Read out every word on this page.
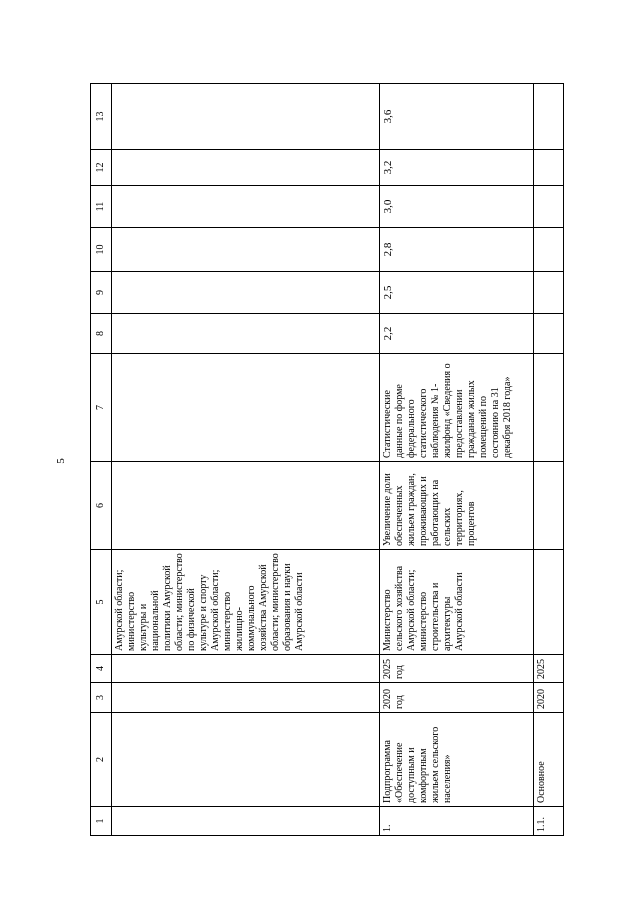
5
1	2	3	4	5	6	7	8	9	10	11	12	13
				Амурской области; министерство культуры и национальной политики Амурской области; министерство по физической культуре и спорту Амурской области; министерство жилищно-коммунального хозяйства Амурской области; министерство образования и науки Амурской области								
1.	Подпрограмма «Обеспечение доступным и комфортным жильем сельского населения»	2020 год	2025 год	Министерство сельского хозяйства Амурской области; министерство строительства и архитектуры Амурской области	Увеличение доли обеспеченных жильем граждан, проживающих и работающих на сельских территориях, процентов	Статистические данные по форме федерального статистического наблюдения № 1-жилфонд «Сведения о предоставлении гражданам жилых помещений по состоянию на 31 декабря 2018 года»	2,2	2,5	2,8	3,0	3,2	3,6
1.1.	Основное	2020	2025									
